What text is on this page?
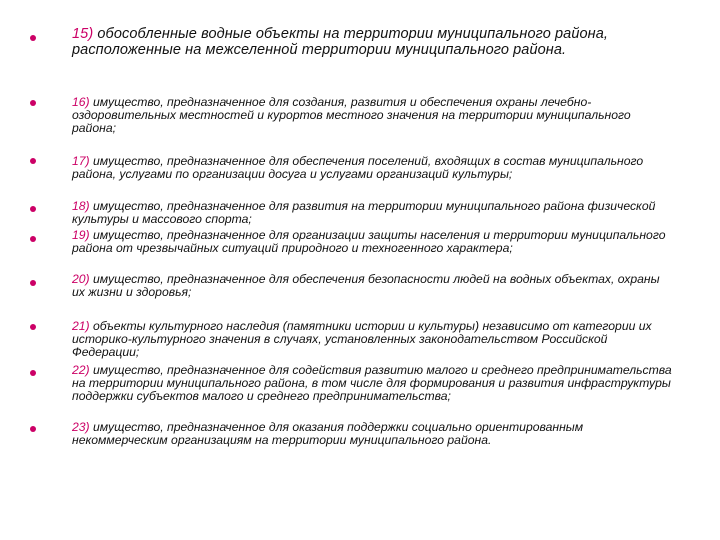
15) обособленные водные объекты на территории муниципального района, расположенные на межселенной территории муниципального района.

16) имущество, предназначенное для создания, развития и обеспечения охраны лечебно-оздоровительных местностей и курортов местного значения на территории муниципального района;

17) имущество, предназначенное для обеспечения поселений, входящих в состав муниципального района, услугами по организации досуга и услугами организаций культуры;

18) имущество, предназначенное для развития на территории муниципального района физической культуры и массового спорта;

19) имущество, предназначенное для организации защиты населения и территории муниципального района от чрезвычайных ситуаций природного и техногенного характера;

20) имущество, предназначенное для обеспечения безопасности людей на водных объектах, охраны их жизни и здоровья;

21) объекты культурного наследия (памятники истории и культуры) независимо от категории их историко-культурного значения в случаях, установленных законодательством Российской Федерации;

22) имущество, предназначенное для содействия развитию малого и среднего предпринимательства на территории муниципального района, в том числе для формирования и развития инфраструктуры поддержки субъектов малого и среднего предпринимательства;

23) имущество, предназначенное для оказания поддержки социально ориентированным некоммерческим организациям на территории муниципального района.
